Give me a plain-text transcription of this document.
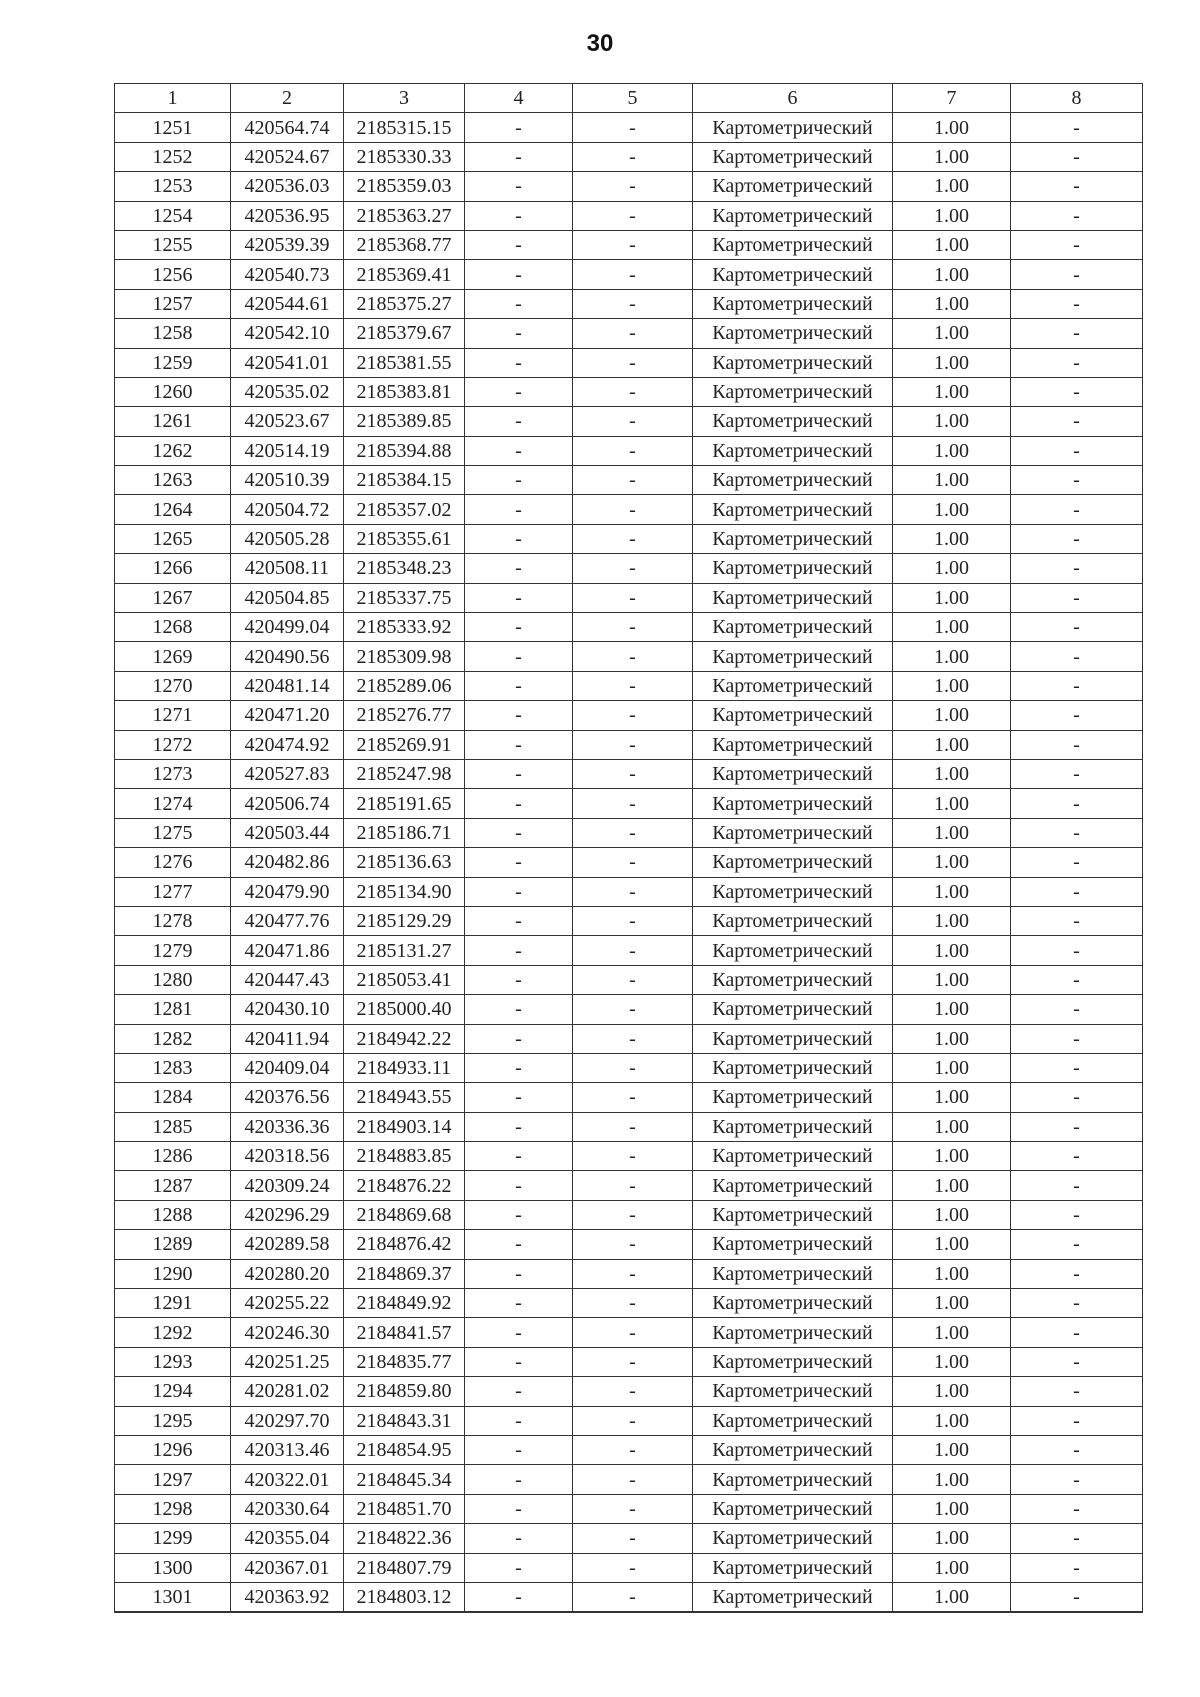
30
1	2	3	4	5	6	7	8
1251	420564.74	2185315.15	-	-	Картометрический	1.00	-
1252	420524.67	2185330.33	-	-	Картометрический	1.00	-
1253	420536.03	2185359.03	-	-	Картометрический	1.00	-
1254	420536.95	2185363.27	-	-	Картометрический	1.00	-
1255	420539.39	2185368.77	-	-	Картометрический	1.00	-
1256	420540.73	2185369.41	-	-	Картометрический	1.00	-
1257	420544.61	2185375.27	-	-	Картометрический	1.00	-
1258	420542.10	2185379.67	-	-	Картометрический	1.00	-
1259	420541.01	2185381.55	-	-	Картометрический	1.00	-
1260	420535.02	2185383.81	-	-	Картометрический	1.00	-
1261	420523.67	2185389.85	-	-	Картометрический	1.00	-
1262	420514.19	2185394.88	-	-	Картометрический	1.00	-
1263	420510.39	2185384.15	-	-	Картометрический	1.00	-
1264	420504.72	2185357.02	-	-	Картометрический	1.00	-
1265	420505.28	2185355.61	-	-	Картометрический	1.00	-
1266	420508.11	2185348.23	-	-	Картометрический	1.00	-
1267	420504.85	2185337.75	-	-	Картометрический	1.00	-
1268	420499.04	2185333.92	-	-	Картометрический	1.00	-
1269	420490.56	2185309.98	-	-	Картометрический	1.00	-
1270	420481.14	2185289.06	-	-	Картометрический	1.00	-
1271	420471.20	2185276.77	-	-	Картометрический	1.00	-
1272	420474.92	2185269.91	-	-	Картометрический	1.00	-
1273	420527.83	2185247.98	-	-	Картометрический	1.00	-
1274	420506.74	2185191.65	-	-	Картометрический	1.00	-
1275	420503.44	2185186.71	-	-	Картометрический	1.00	-
1276	420482.86	2185136.63	-	-	Картометрический	1.00	-
1277	420479.90	2185134.90	-	-	Картометрический	1.00	-
1278	420477.76	2185129.29	-	-	Картометрический	1.00	-
1279	420471.86	2185131.27	-	-	Картометрический	1.00	-
1280	420447.43	2185053.41	-	-	Картометрический	1.00	-
1281	420430.10	2185000.40	-	-	Картометрический	1.00	-
1282	420411.94	2184942.22	-	-	Картометрический	1.00	-
1283	420409.04	2184933.11	-	-	Картометрический	1.00	-
1284	420376.56	2184943.55	-	-	Картометрический	1.00	-
1285	420336.36	2184903.14	-	-	Картометрический	1.00	-
1286	420318.56	2184883.85	-	-	Картометрический	1.00	-
1287	420309.24	2184876.22	-	-	Картометрический	1.00	-
1288	420296.29	2184869.68	-	-	Картометрический	1.00	-
1289	420289.58	2184876.42	-	-	Картометрический	1.00	-
1290	420280.20	2184869.37	-	-	Картометрический	1.00	-
1291	420255.22	2184849.92	-	-	Картометрический	1.00	-
1292	420246.30	2184841.57	-	-	Картометрический	1.00	-
1293	420251.25	2184835.77	-	-	Картометрический	1.00	-
1294	420281.02	2184859.80	-	-	Картометрический	1.00	-
1295	420297.70	2184843.31	-	-	Картометрический	1.00	-
1296	420313.46	2184854.95	-	-	Картометрический	1.00	-
1297	420322.01	2184845.34	-	-	Картометрический	1.00	-
1298	420330.64	2184851.70	-	-	Картометрический	1.00	-
1299	420355.04	2184822.36	-	-	Картометрический	1.00	-
1300	420367.01	2184807.79	-	-	Картометрический	1.00	-
1301	420363.92	2184803.12	-	-	Картометрический	1.00	-
